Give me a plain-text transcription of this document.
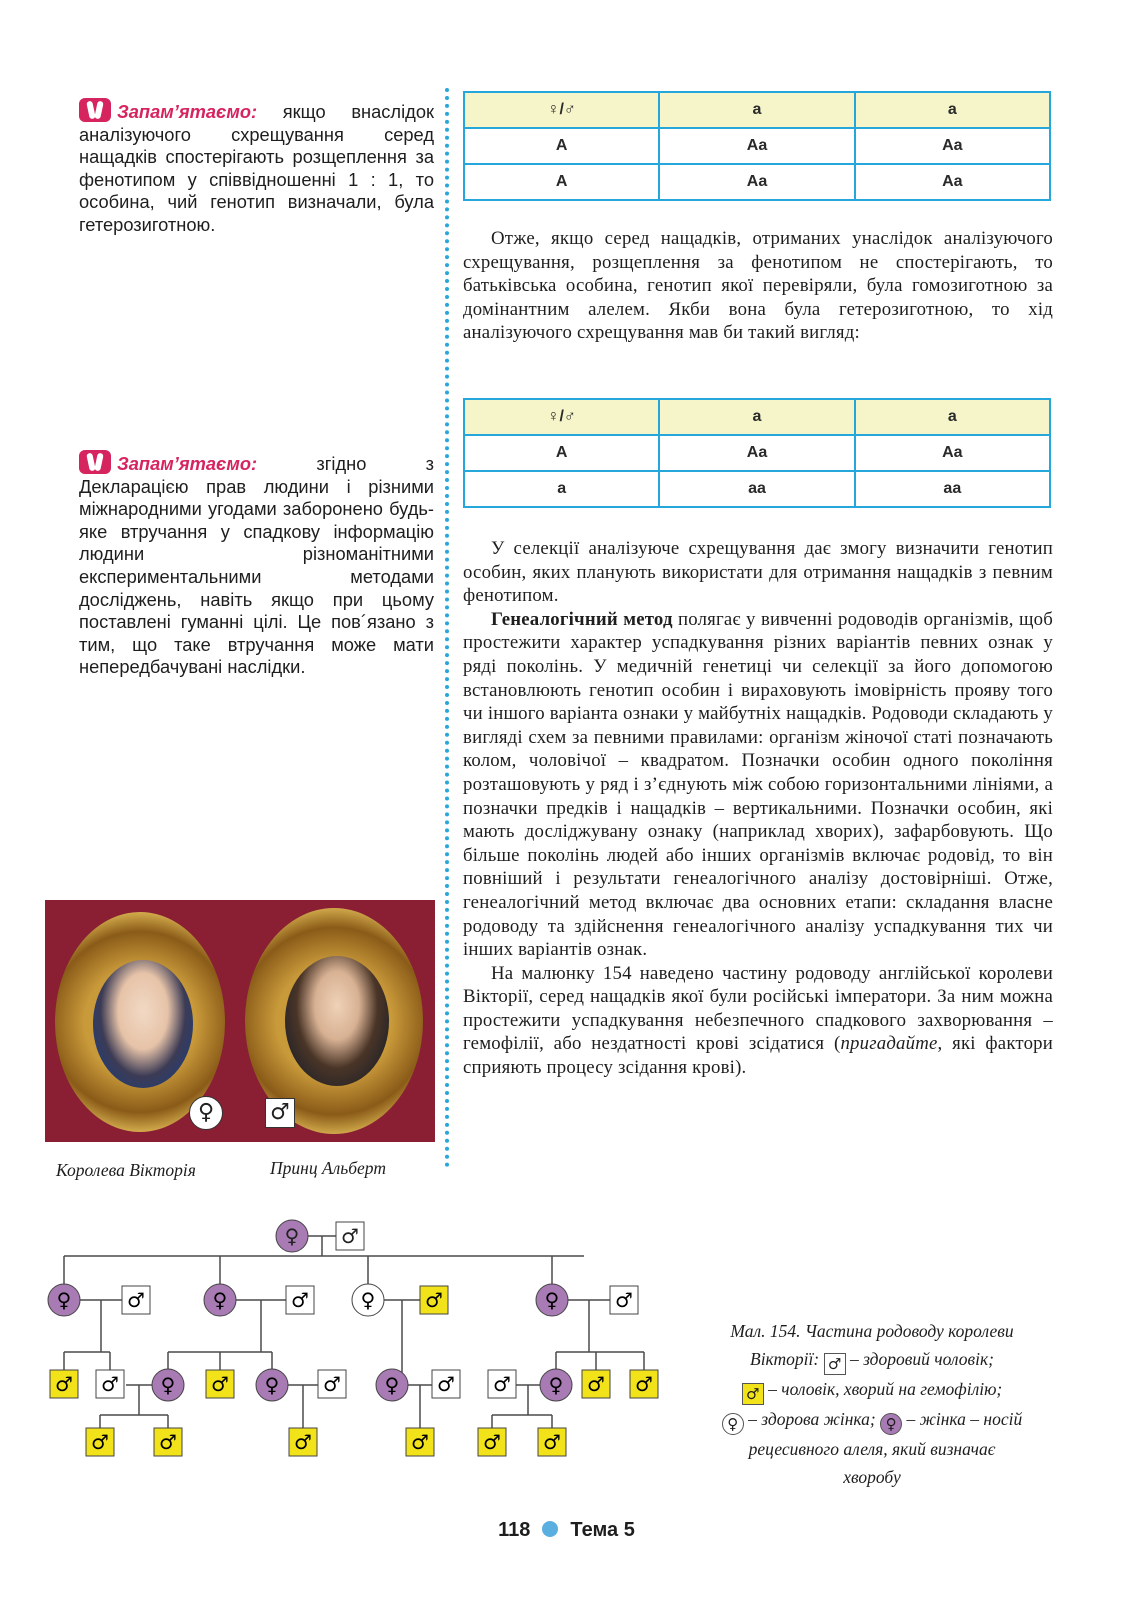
Запам’ятаємо: якщо внаслідок аналізуючого схрещування серед нащадків спостерігають розщеплення за фенотипом у співвідношенні 1 : 1, то особина, чий генотип визначали, була гетерозиготною.
Запам’ятаємо:	згідно з Декларацією прав людини і різними міжнародними угодами заборонено будь-яке втручання у спадкову інформацію людини різноманітними експериментальними методами досліджень, навіть якщо при цьому поставлені гуманні цілі. Це пов´язано з тим, що таке втручання може мати непередбачувані наслідки.
♀/♂	a	a
A	Aa	Aa
A	Aa	Aa

Отже, якщо серед нащадків, отриманих унаслідок аналізуючого схрещування, розщеплення за фенотипом не спостерігають, то батьківська особина, генотип якої перевіряли, була гомозиготною за домінантним алелем. Якби вона була гетерозиготною, то хід аналізуючого схрещування мав би такий вигляд:

♀/♂	a	a
A	Aa	Aa
a	aa	aa

У селекції аналізуюче схрещування дає змогу визначити генотип особин, яких планують використати для отримання нащадків з певним фенотипом.

Генеалогічний метод полягає у вивченні родоводів організмів, щоб простежити характер успадкування різних варіантів певних ознак у ряді поколінь. У медичній генетиці чи селекції за його допомогою встановлюють генотип особин і вираховують імовірність прояву того чи іншого варіанта ознаки у майбутніх нащадків. Родоводи складають у вигляді схем за певними правилами: організм жіночої статі позначають колом, чоловічої – квадратом. Позначки особин одного покоління розташовують у ряд і з’єднують між собою горизонтальними лініями, а позначки предків і нащадків – вертикальними. Позначки особин, які мають досліджувану ознаку (наприклад хворих), зафарбовують. Що більше поколінь людей або інших організмів включає родовід, то він повніший і результати генеалогічного аналізу достовірніші. Отже, генеалогічний метод включає два основних етапи: складання власне родоводу та здійснення генеалогічного аналізу успадкування тих чи інших варіантів ознак.

На малюнку 154 наведено частину родоводу англійської королеви Вікторії, серед нащадків якої були російські імператори. За ним можна простежити успадкування небезпечного спадкового захворювання – гемофілії, або нездатності крові зсідатися (пригадайте, які фактори сприяють процесу зсідання крові).

♀	♂
Королева Вікторія	Принц Альберт
♀ ♂
♀	♂	♀	♂	♀ ♂	♀	♂
♂ ♂ ♀ ♂ ♀ ♂ ♀ ♂ ♂ ♀ ♂ ♂
♂	♂	♂	♂	♂ ♂
Мал. 154. Частина родоводу королеви
Вікторії: ♂ – здоровий чоловік;
♂ – чоловік, хворий на гемофілію;
♀ – здорова жінка; ♀ – жінка – носій
рецесивного алеля, який визначає
хворобу
118 Тема 5
